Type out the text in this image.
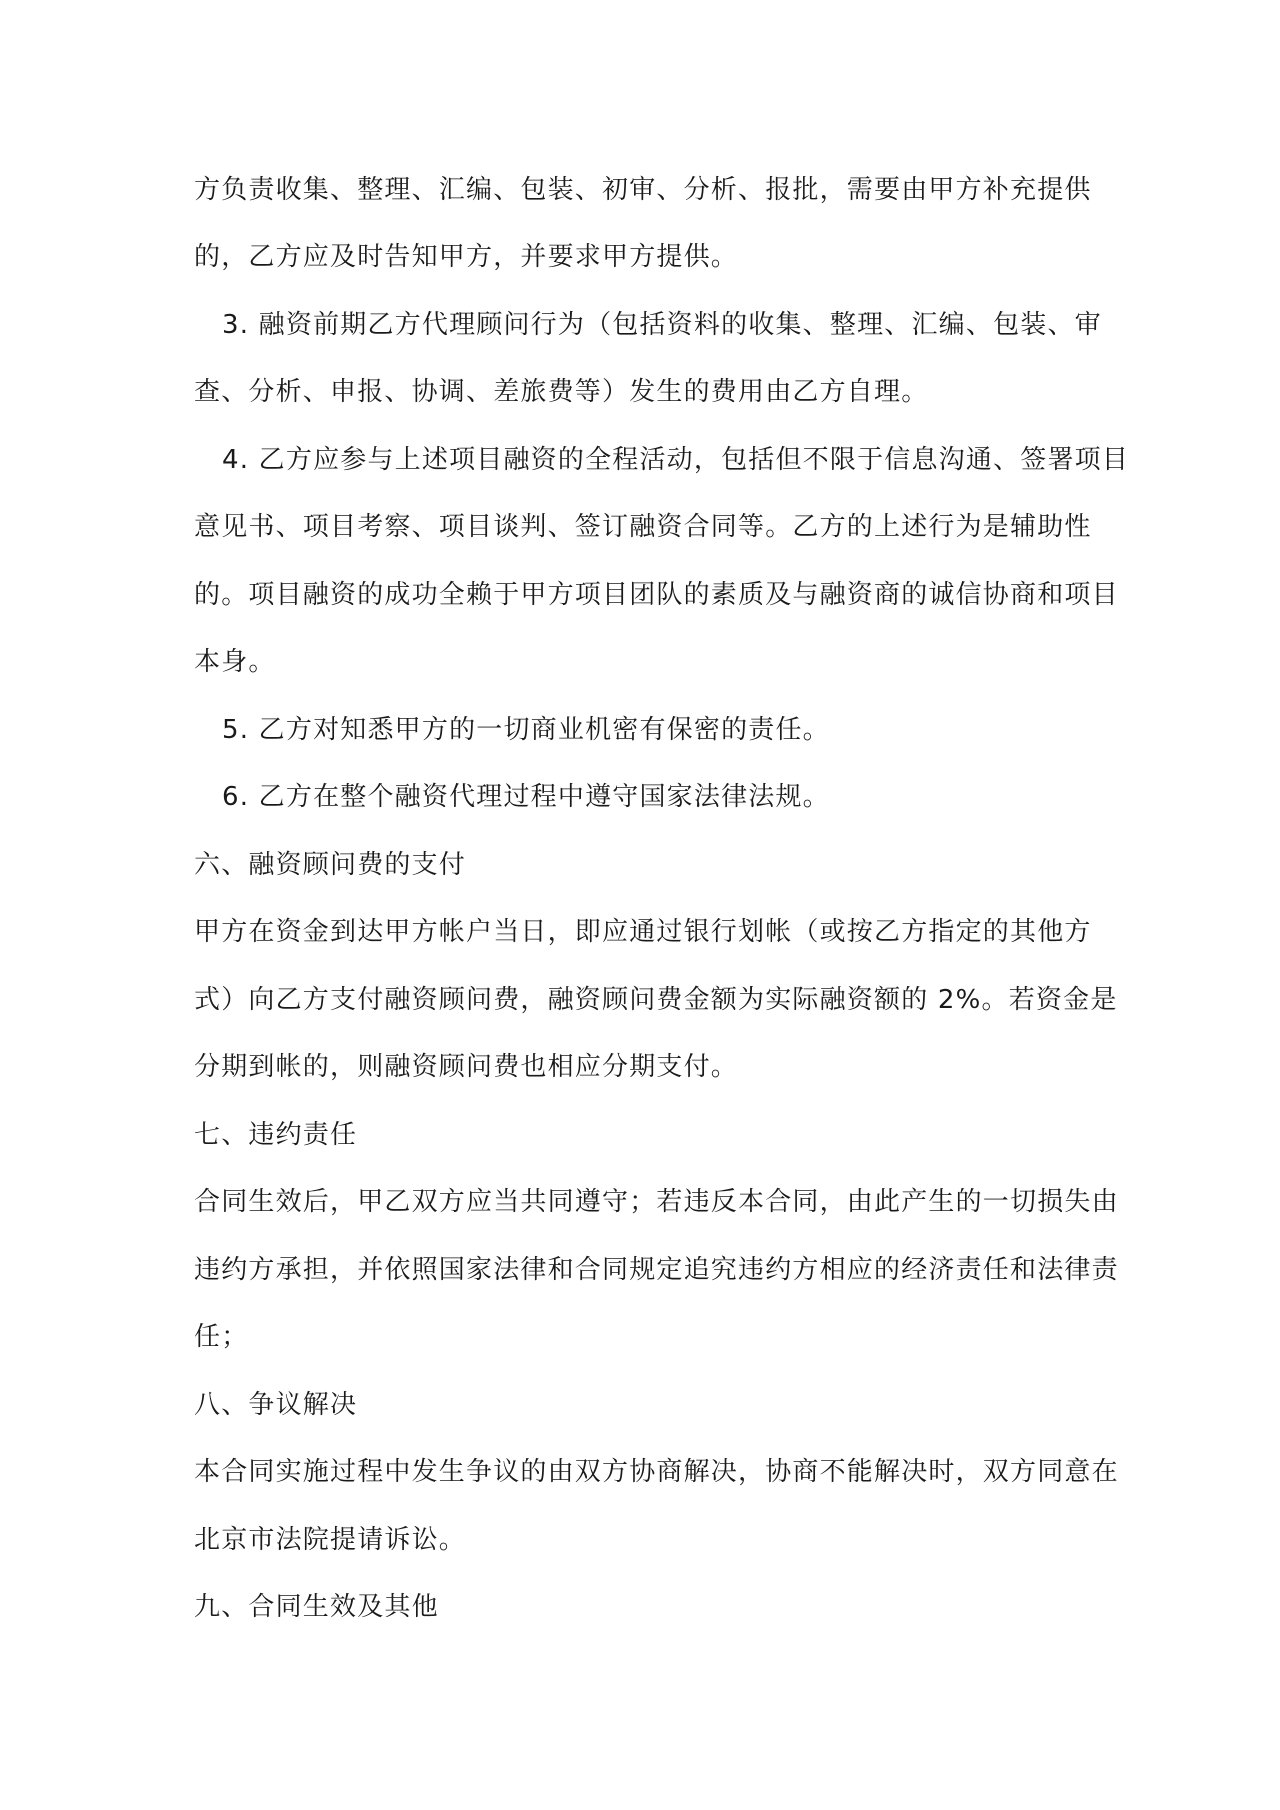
方负责收集、整理、汇编、包装、初审、分析、报批，需要由甲方补充提供
的，乙方应及时告知甲方，并要求甲方提供。
3. 融资前期乙方代理顾问行为（包括资料的收集、整理、汇编、包装、审
查、分析、申报、协调、差旅费等）发生的费用由乙方自理。
4. 乙方应参与上述项目融资的全程活动，包括但不限于信息沟通、签署项目
意见书、项目考察、项目谈判、签订融资合同等。乙方的上述行为是辅助性
的。项目融资的成功全赖于甲方项目团队的素质及与融资商的诚信协商和项目
本身。
5. 乙方对知悉甲方的一切商业机密有保密的责任。
6. 乙方在整个融资代理过程中遵守国家法律法规。
六、融资顾问费的支付
甲方在资金到达甲方帐户当日，即应通过银行划帐（或按乙方指定的其他方
式）向乙方支付融资顾问费，融资顾问费金额为实际融资额的 2%。若资金是
分期到帐的，则融资顾问费也相应分期支付。
七、违约责任
合同生效后，甲乙双方应当共同遵守；若违反本合同，由此产生的一切损失由
违约方承担，并依照国家法律和合同规定追究违约方相应的经济责任和法律责
任；
八、争议解决
本合同实施过程中发生争议的由双方协商解决，协商不能解决时，双方同意在
北京市法院提请诉讼。
九、合同生效及其他
